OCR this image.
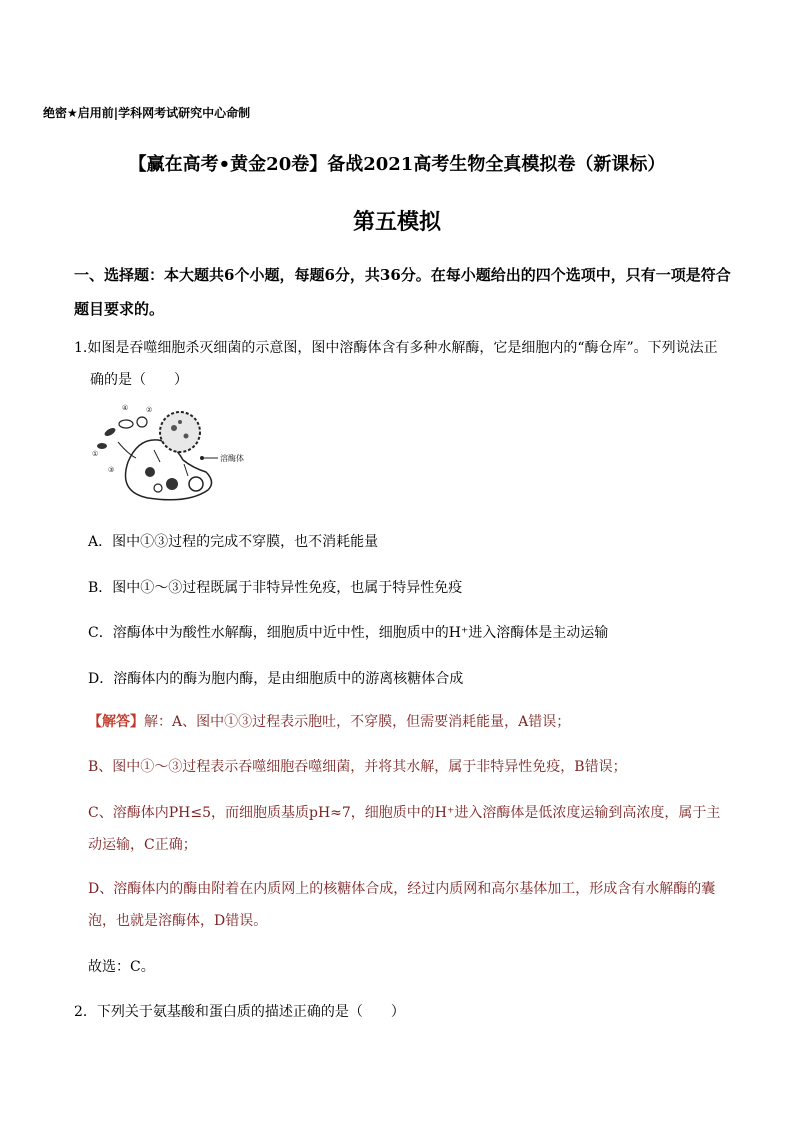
绝密★启用前|学科网考试研究中心命制
【赢在高考•黄金20卷】备战2021高考生物全真模拟卷（新课标）
第五模拟
一、选择题：本大题共6个小题，每题6分，共36分。在每小题给出的四个选项中，只有一项是符合题目要求的。
1.如图是吞噬细胞杀灭细菌的示意图，图中溶酶体含有多种水解酶，它是细胞内的“酶仓库”。下列说法正
确的是（　　）
④
①
③
②
溶酶体
A．图中①③过程的完成不穿膜，也不消耗能量
B．图中①～③过程既属于非特异性免疫，也属于特异性免疫
C．溶酶体中为酸性水解酶，细胞质中近中性，细胞质中的H⁺进入溶酶体是主动运输
D．溶酶体内的酶为胞内酶，是由细胞质中的游离核糖体合成
【解答】解：A、图中①③过程表示胞吐，不穿膜，但需要消耗能量，A错误；
B、图中①～③过程表示吞噬细胞吞噬细菌，并将其水解，属于非特异性免疫，B错误；
C、溶酶体内PH≤5，而细胞质基质pH≈7，细胞质中的H⁺进入溶酶体是低浓度运输到高浓度，属于主动运输，C正确；
D、溶酶体内的酶由附着在内质网上的核糖体合成，经过内质网和高尔基体加工，形成含有水解酶的囊泡，也就是溶酶体，D错误。
故选：C。
2．下列关于氨基酸和蛋白质的描述正确的是（　　）
